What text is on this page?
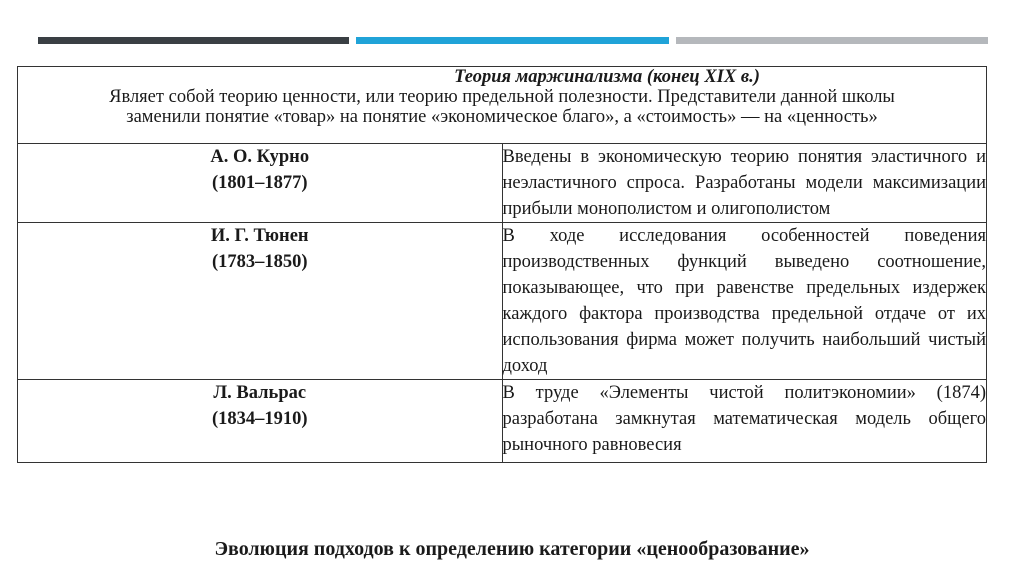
Теория маржинализма (конец XIX в.)
Являет собой теорию ценности, или теорию предельной полезности. Представители данной школы
заменили понятие «товар» на понятие «экономическое благо», а «стоимость» — на «ценность»	

А. О. Курно
(1801–1877)	Введены в экономическую теорию понятия эластичного и неэластичного спроса. Разработаны модели максимизации прибыли монополистом и олигополистом

И. Г. Тюнен
(1783–1850)	В ходе исследования особенностей поведения производственных функций выведено соотношение, показывающее, что при равенстве предельных издержек каждого фактора производства предельной отдаче от их использования фирма может получить наибольший чистый доход

Л. Вальрас
(1834–1910)	В труде «Элементы чистой политэкономии» (1874) разработана замкнутая математическая модель общего рыночного равновесия
Эволюция подходов к определению категории «ценообразование»
